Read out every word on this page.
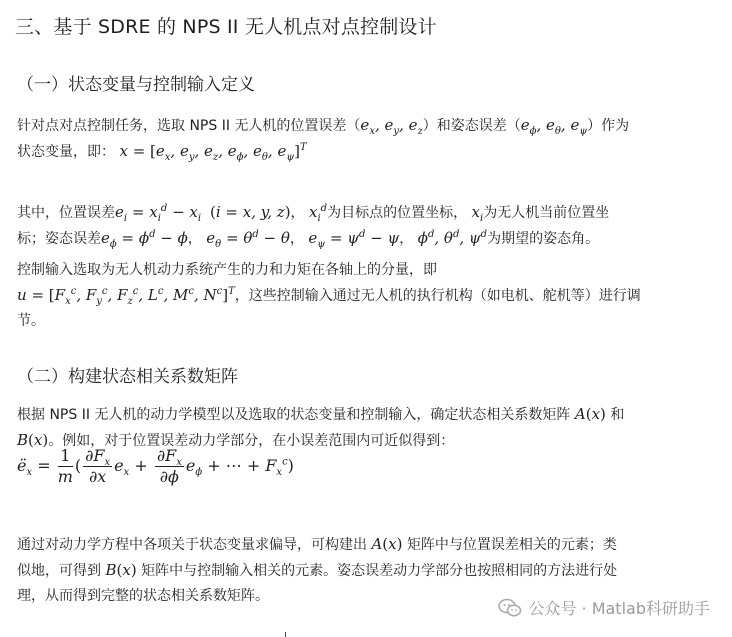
三、基于 SDRE 的 NPS II 无人机点对点控制设计
（一）状态变量与控制输入定义
针对点对点控制任务，选取 NPS II 无人机的位置误差（$e_x$, $e_y$, $e_z$）和姿态误差（$e_\phi$, $e_\theta$, $e_\psi$）作为
状态变量，即： $x = [e_x$, $e_y$, $e_z$, $e_\phi$, $e_\theta$, $e_\psi]^T$
其中，位置误差$e_i = x_i^d - x_i$ (i = x, y, z)， $x_i^d$为目标点的位置坐标， $x_i$为无人机当前位置坐
标；姿态误差$e_\phi = \phi^d - \phi$， $e_\theta = \theta^d - \theta$， $e_\psi = \psi^d - \psi$， $\phi^d$, $\theta^d$, $\psi^d$为期望的姿态角。
控制输入选取为无人机动力系统产生的力和力矩在各轴上的分量，即
$u = [F_x^c$, $F_y^c$, $F_z^c$, $L^c$, $M^c$, $N^c]^T$，这些控制输入通过无人机的执行机构（如电机、舵机等）进行调
节。
（二）构建状态相关系数矩阵
根据 NPS II 无人机的动力学模型以及选取的状态变量和控制输入，确定状态相关系数矩阵 A(x) 和
B(x)。例如，对于位置误差动力学部分，在小误差范围内可近似得到：
$ë_x = \frac{1}{m}$ ( $\frac{\partial F_x}{\partial x} e_x + \frac{\partial F_x}{\partial\phi} e_\phi$ + ⋯ + $F_x^c$)
通过对动力学方程中各项关于状态变量求偏导，可构建出 A(x) 矩阵中与位置误差相关的元素；类
似地，可得到 B(x) 矩阵中与控制输入相关的元素。姿态误差动力学部分也按照相同的方法进行处
理，从而得到完整的状态相关系数矩阵。
公众号 · Matlab科研助手
